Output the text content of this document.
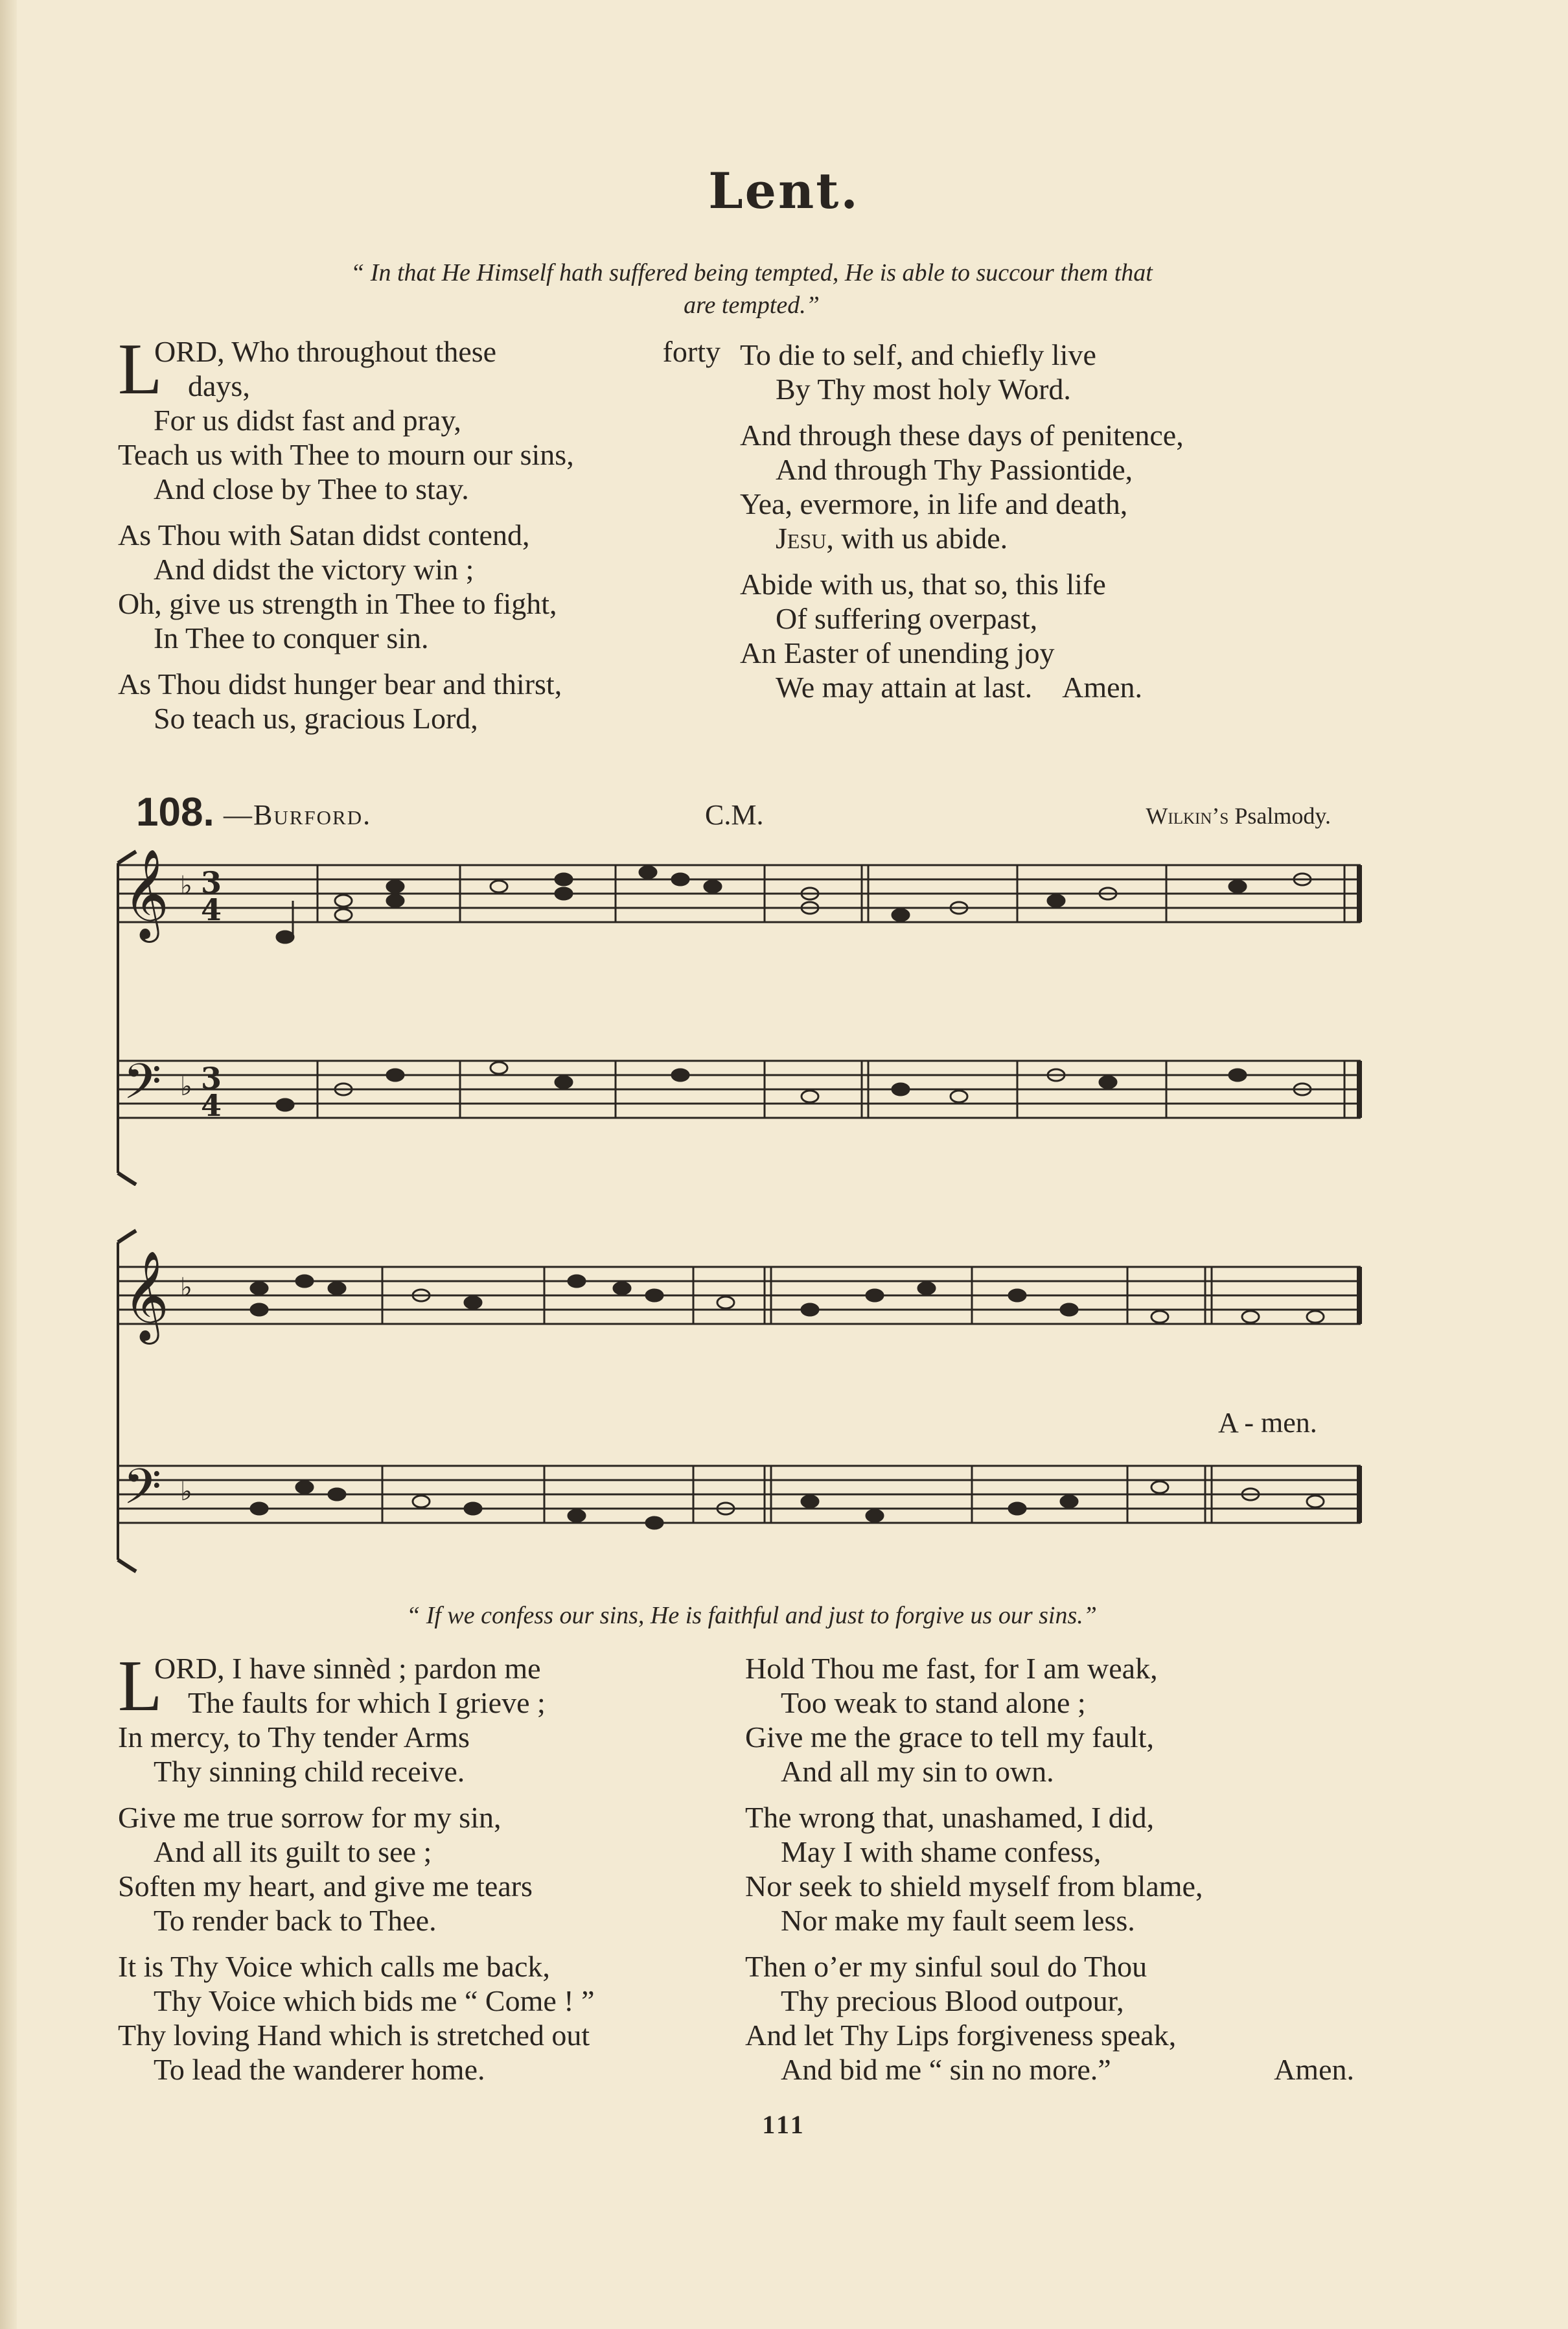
Lent.
“ In that He Himself hath suffered being tempted, He is able to succour them that
are tempted.”
L
ORD, Who throughout these	forty
days,
For us didst fast and pray,
Teach us with Thee to mourn our sins,
And close by Thee to stay.
As Thou with Satan didst contend,
And didst the victory win ;
Oh, give us strength in Thee to fight,
In Thee to conquer sin.
As Thou didst hunger bear and thirst,
So teach us, gracious Lord,
To die to self, and chiefly live
By Thy most holy Word.
And through these days of penitence,
And through Thy Passiontide,
Yea, evermore, in life and death,
Jesu, with us abide.
Abide with us, that so, this life
Of suffering overpast,
An Easter of unending joy
We may attain at last. Amen.
108. —Burford.	C.M.	Wilkin’s Psalmody.
𝄞
𝄢
♭
♭
3
4
3
4
𝄞
𝄢
♭
♭
A - men.
“ If we confess our sins, He is faithful and just to forgive us our sins.”
L
ORD, I have sinnèd ; pardon me
The faults for which I grieve ;
In mercy, to Thy tender Arms
Thy sinning child receive.
Give me true sorrow for my sin,
And all its guilt to see ;
Soften my heart, and give me tears
To render back to Thee.
It is Thy Voice which calls me back,
Thy Voice which bids me “ Come ! ”
Thy loving Hand which is stretched out
To lead the wanderer home.
Hold Thou me fast, for I am weak,
Too weak to stand alone ;
Give me the grace to tell my fault,
And all my sin to own.
The wrong that, unashamed, I did,
May I with shame confess,
Nor seek to shield myself from blame,
Nor make my fault seem less.
Then o’er my sinful soul do Thou
Thy precious Blood outpour,
And let Thy Lips forgiveness speak,
And bid me “ sin no more.”	Amen.
111
